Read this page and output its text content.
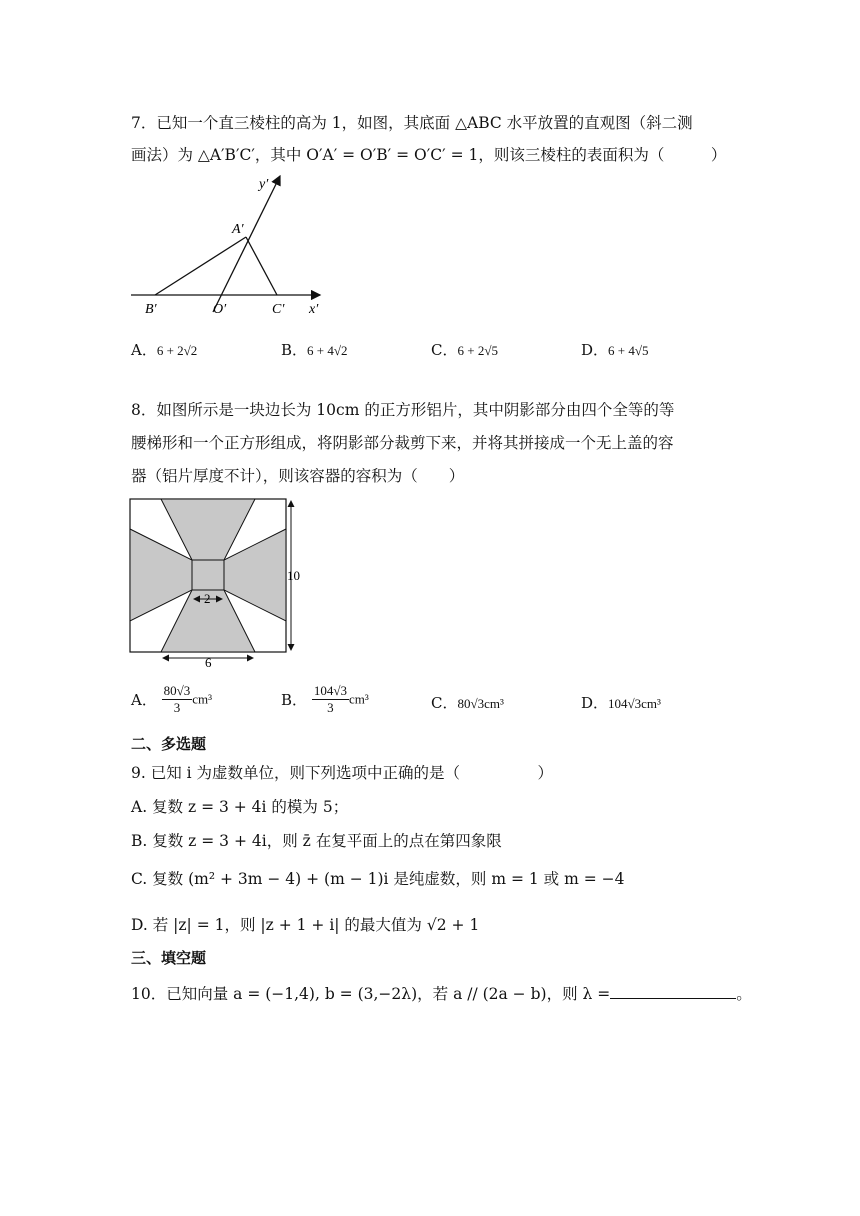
7．已知一个直三棱柱的高为 1，如图，其底面 △ABC 水平放置的直观图（斜二测
画法）为 △A′B′C′，其中 O′A′ = O′B′ = O′C′ = 1，则该三棱柱的表面积为（　　　）
y′
A′
B′	O′	C′ x′
A．6 + 2√2	B．6 + 4√2	C．6 + 2√5	D．6 + 4√5
8．如图所示是一块边长为 10cm 的正方形铝片，其中阴影部分由四个全等的等
腰梯形和一个正方形组成，将阴影部分裁剪下来，并将其拼接成一个无上盖的容
器（铝片厚度不计），则该容器的容积为（　　）
10
2
6
A． $\frac{80√3}{3} cm^3$	B． $\frac{104√3}{3} cm^3$	C．80√3cm³	D．104√3cm³
二、多选题
9. 已知 i 为虚数单位，则下列选项中正确的是（　　　　　）
A. 复数 z = 3 + 4i 的模为 5；
B. 复数 z = 3 + 4i，则 z̄ 在复平面上的点在第四象限
C. 复数 (m² + 3m − 4) + (m − 1)i 是纯虚数，则 m = 1 或 m = −4
D. 若 |z| = 1，则 |z + 1 + i| 的最大值为 √2 + 1
三、填空题
10．已知向量 a = (−1,4), b = (3,−2λ)，若 a // (2a − b)，则 λ =	。
